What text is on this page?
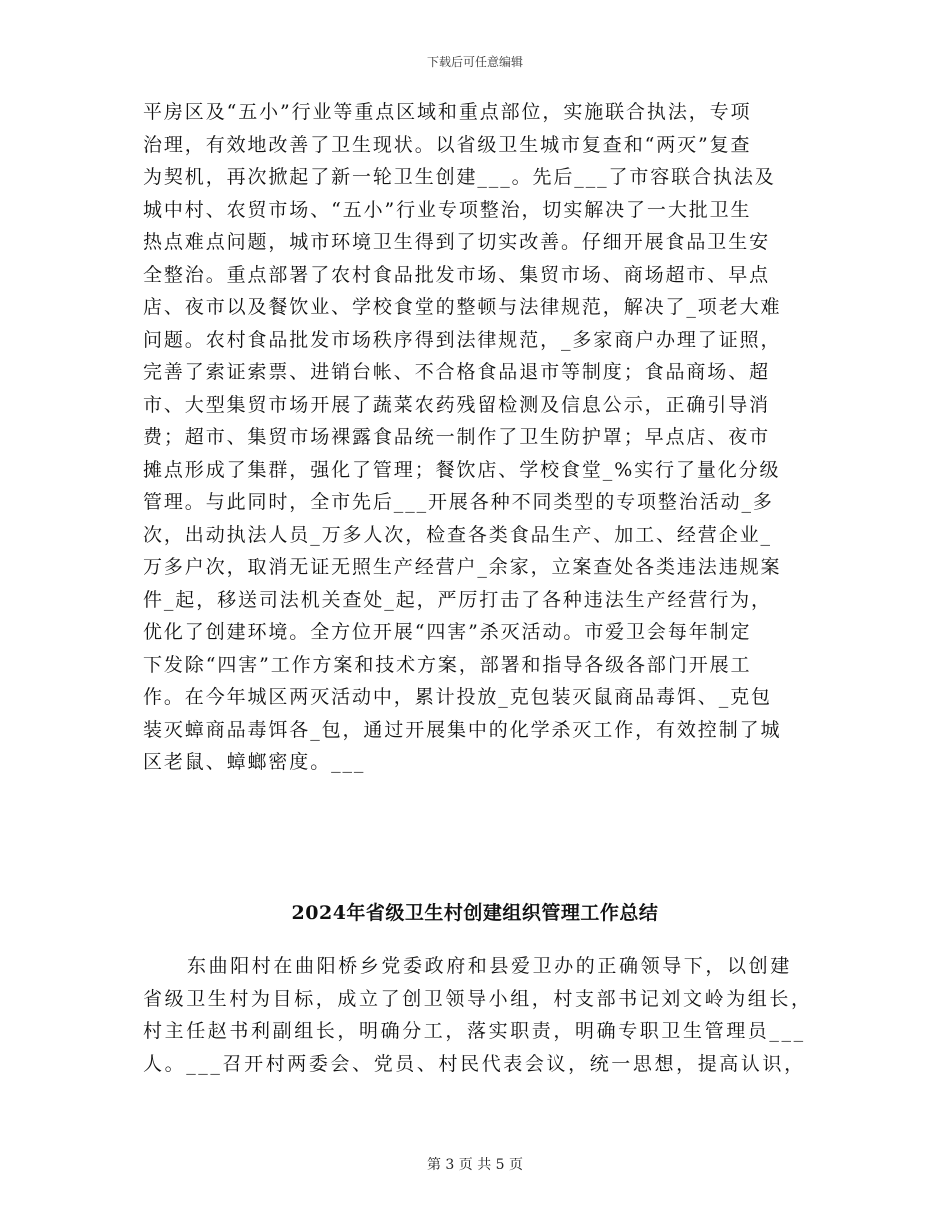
下载后可任意编辑
平房区及“五小”行业等重点区域和重点部位，实施联合执法，专项
治理，有效地改善了卫生现状。以省级卫生城市复查和“两灭”复查
为契机，再次掀起了新一轮卫生创建___。先后___了市容联合执法及
城中村、农贸市场、“五小”行业专项整治，切实解决了一大批卫生
热点难点问题，城市环境卫生得到了切实改善。仔细开展食品卫生安
全整治。重点部署了农村食品批发市场、集贸市场、商场超市、早点
店、夜市以及餐饮业、学校食堂的整顿与法律规范，解决了_项老大难
问题。农村食品批发市场秩序得到法律规范，_多家商户办理了证照，
完善了索证索票、进销台帐、不合格食品退市等制度；食品商场、超
市、大型集贸市场开展了蔬菜农药残留检测及信息公示，正确引导消
费；超市、集贸市场裸露食品统一制作了卫生防护罩；早点店、夜市
摊点形成了集群，强化了管理；餐饮店、学校食堂_%实行了量化分级
管理。与此同时，全市先后___开展各种不同类型的专项整治活动_多
次，出动执法人员_万多人次，检查各类食品生产、加工、经营企业_
万多户次，取消无证无照生产经营户_余家，立案查处各类违法违规案
件_起，移送司法机关查处_起，严厉打击了各种违法生产经营行为，
优化了创建环境。全方位开展“四害”杀灭活动。市爱卫会每年制定
下发除“四害”工作方案和技术方案，部署和指导各级各部门开展工
作。在今年城区两灭活动中，累计投放_克包装灭鼠商品毒饵、_克包
装灭蟑商品毒饵各_包，通过开展集中的化学杀灭工作，有效控制了城
区老鼠、蟑螂密度。___
2024年省级卫生村创建组织管理工作总结
东曲阳村在曲阳桥乡党委政府和县爱卫办的正确领导下，以创建
省级卫生村为目标，成立了创卫领导小组，村支部书记刘文岭为组长，
村主任赵书利副组长，明确分工，落实职责，明确专职卫生管理员___
人。___召开村两委会、党员、村民代表会议，统一思想，提高认识，
第 3 页 共 5 页
